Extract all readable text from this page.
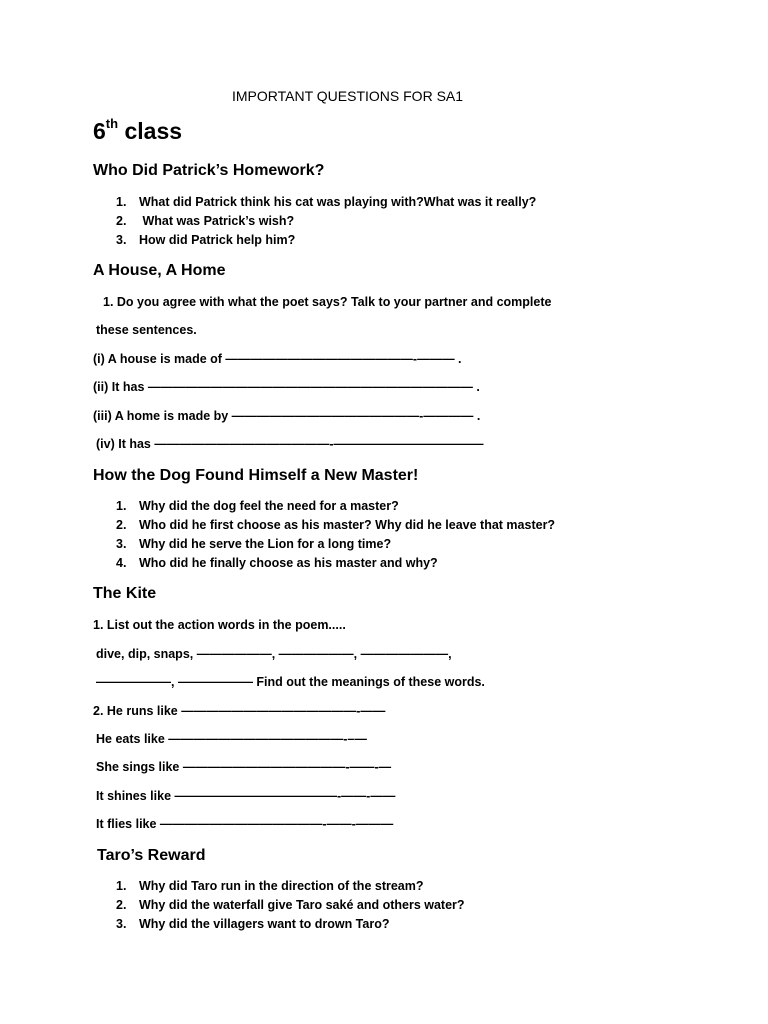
IMPORTANT QUESTIONS FOR SA1
6th class
Who Did Patrick’s Homework?
1. What did Patrick think his cat was playing with?What was it really?
2. What was Patrick’s wish?
3. How did Patrick help him?
A House, A Home
1. Do you agree with what the poet says? Talk to your partner and complete
these sentences.
(i) A house is made of ———————————————-——— .
(ii) It has —————————————————————————— .
(iii) A home is made by ———————————————-———— .
(iv) It has ——————————————-————————————
How the Dog Found Himself a New Master!
1. Why did the dog feel the need for a master?
2. Who did he first choose as his master? Why did he leave that master?
3. Why did he serve the Lion for a long time?
4. Who did he finally choose as his master and why?
The Kite
1. List out the action words in the poem.....
dive, dip, snaps, ——————, ——————, ———————,
——————, —————— Find out the meanings of these words.
2. He runs like ——————————————-——
He eats like ——————————————-–—
She sings like —————————————-——-—
It shines like —————————————-——-——
It flies like —————————————-——-———
Taro’s Reward
1. Why did Taro run in the direction of the stream?
2. Why did the waterfall give Taro saké and others water?
3. Why did the villagers want to drown Taro?
